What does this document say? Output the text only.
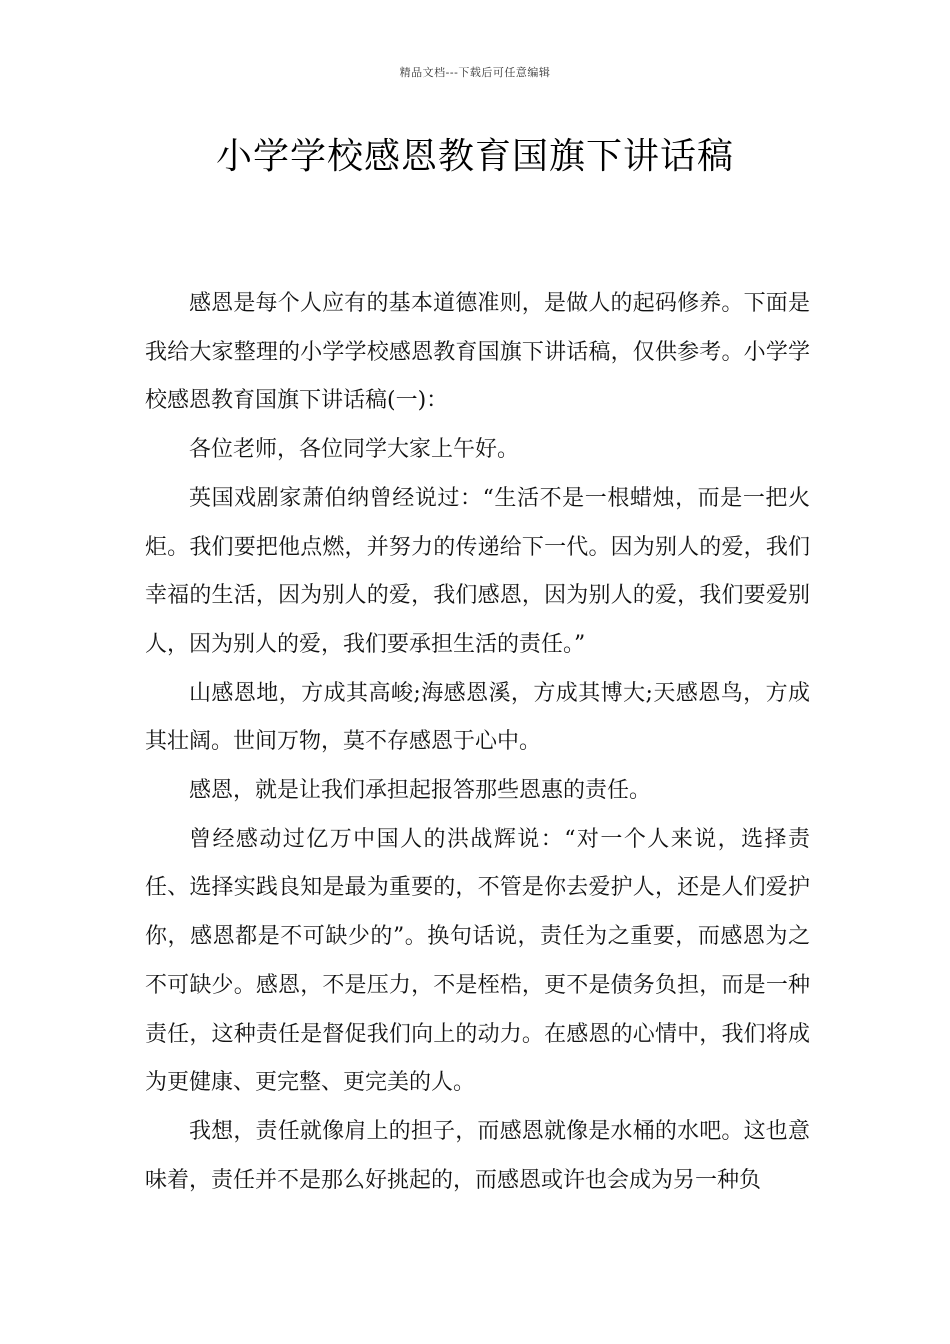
精品文档---下载后可任意编辑
小学学校感恩教育国旗下讲话稿

感恩是每个人应有的基本道德准则，是做人的起码修养。下面是我给大家整理的小学学校感恩教育国旗下讲话稿，仅供参考。小学学校感恩教育国旗下讲话稿(一)：

各位老师，各位同学大家上午好。

英国戏剧家萧伯纳曾经说过：“生活不是一根蜡烛，而是一把火炬。我们要把他点燃，并努力的传递给下一代。因为别人的爱，我们幸福的生活，因为别人的爱，我们感恩，因为别人的爱，我们要爱别人，因为别人的爱，我们要承担生活的责任。”

山感恩地，方成其高峻;海感恩溪，方成其博大;天感恩鸟，方成其壮阔。世间万物，莫不存感恩于心中。

感恩，就是让我们承担起报答那些恩惠的责任。

曾经感动过亿万中国人的洪战辉说：“对一个人来说，选择责任、选择实践良知是最为重要的，不管是你去爱护人，还是人们爱护你，感恩都是不可缺少的”。换句话说，责任为之重要，而感恩为之不可缺少。感恩，不是压力，不是桎梏，更不是债务负担，而是一种责任，这种责任是督促我们向上的动力。在感恩的心情中，我们将成为更健康、更完整、更完美的人。

我想，责任就像肩上的担子，而感恩就像是水桶的水吧。这也意味着，责任并不是那么好挑起的，而感恩或许也会成为另一种负
